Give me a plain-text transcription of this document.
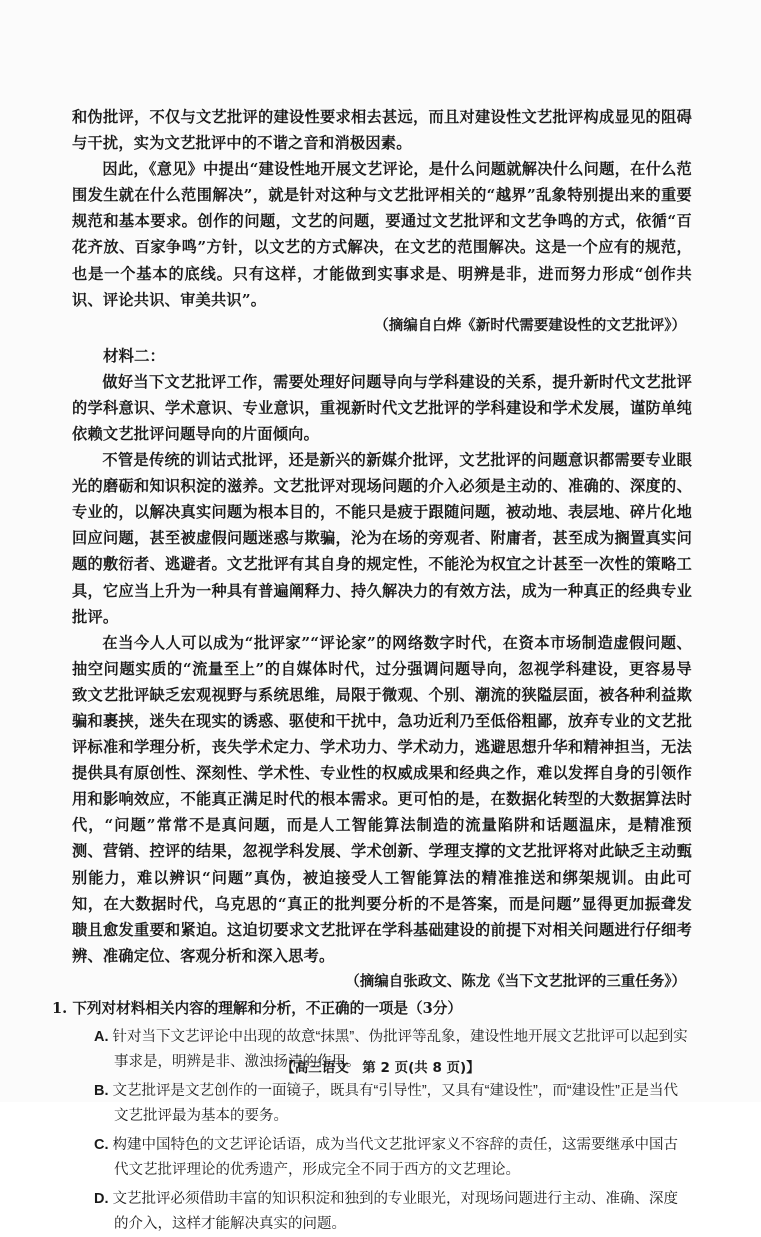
和伪批评，不仅与文艺批评的建设性要求相去甚远，而且对建设性文艺批评构成显见的阻碍与干扰，实为文艺批评中的不谐之音和消极因素。

因此，《意见》中提出“建设性地开展文艺评论，是什么问题就解决什么问题，在什么范围发生就在什么范围解决”，就是针对这种与文艺批评相关的“越界”乱象特别提出来的重要规范和基本要求。创作的问题，文艺的问题，要通过文艺批评和文艺争鸣的方式，依循“百花齐放、百家争鸣”方针，以文艺的方式解决，在文艺的范围解决。这是一个应有的规范，也是一个基本的底线。只有这样，才能做到实事求是、明辨是非，进而努力形成“创作共识、评论共识、审美共识”。

（摘编自白烨《新时代需要建设性的文艺批评》）

材料二：

做好当下文艺批评工作，需要处理好问题导向与学科建设的关系，提升新时代文艺批评的学科意识、学术意识、专业意识，重视新时代文艺批评的学科建设和学术发展，谨防单纯依赖文艺批评问题导向的片面倾向。

不管是传统的训诂式批评，还是新兴的新媒介批评，文艺批评的问题意识都需要专业眼光的磨砺和知识积淀的滋养。文艺批评对现场问题的介入必须是主动的、准确的、深度的、专业的，以解决真实问题为根本目的，不能只是疲于跟随问题，被动地、表层地、碎片化地回应问题，甚至被虚假问题迷惑与欺骗，沦为在场的旁观者、附庸者，甚至成为搁置真实问题的敷衍者、逃避者。文艺批评有其自身的规定性，不能沦为权宜之计甚至一次性的策略工具，它应当上升为一种具有普遍阐释力、持久解决力的有效方法，成为一种真正的经典专业批评。

在当今人人可以成为“批评家”“评论家”的网络数字时代，在资本市场制造虚假问题、抽空问题实质的“流量至上”的自媒体时代，过分强调问题导向，忽视学科建设，更容易导致文艺批评缺乏宏观视野与系统思维，局限于微观、个别、潮流的狭隘层面，被各种利益欺骗和裹挟，迷失在现实的诱惑、驱使和干扰中，急功近利乃至低俗粗鄙，放弃专业的文艺批评标准和学理分析，丧失学术定力、学术功力、学术动力，逃避思想升华和精神担当，无法提供具有原创性、深刻性、学术性、专业性的权威成果和经典之作，难以发挥自身的引领作用和影响效应，不能真正满足时代的根本需求。更可怕的是，在数据化转型的大数据算法时代，“问题”常常不是真问题，而是人工智能算法制造的流量陷阱和话题温床，是精准预测、营销、控评的结果，忽视学科发展、学术创新、学理支撑的文艺批评将对此缺乏主动甄别能力，难以辨识“问题”真伪，被迫接受人工智能算法的精准推送和绑架规训。由此可知，在大数据时代，乌克思的“真正的批判要分析的不是答案，而是问题”显得更加振聋发聩且愈发重要和紧迫。这迫切要求文艺批评在学科基础建设的前提下对相关问题进行仔细考辨、准确定位、客观分析和深入思考。

（摘编自张政文、陈龙《当下文艺批评的三重任务》）

1. 下列对材料相关内容的理解和分析，不正确的一项是（3分）

A. 针对当下文艺评论中出现的故意“抹黑”、伪批评等乱象，建设性地开展文艺批评可以起到实事求是，明辨是非、激浊扬清的作用。

B. 文艺批评是文艺创作的一面镜子，既具有“引导性”，又具有“建设性”，而“建设性”正是当代文艺批评最为基本的要务。

C. 构建中国特色的文艺评论话语，成为当代文艺批评家义不容辞的责任，这需要继承中国古代文艺批评理论的优秀遗产，形成完全不同于西方的文艺理论。

D. 文艺批评必须借助丰富的知识积淀和独到的专业眼光，对现场问题进行主动、准确、深度的介入，这样才能解决真实的问题。

【高三语文　第 2 页(共 8 页)】
